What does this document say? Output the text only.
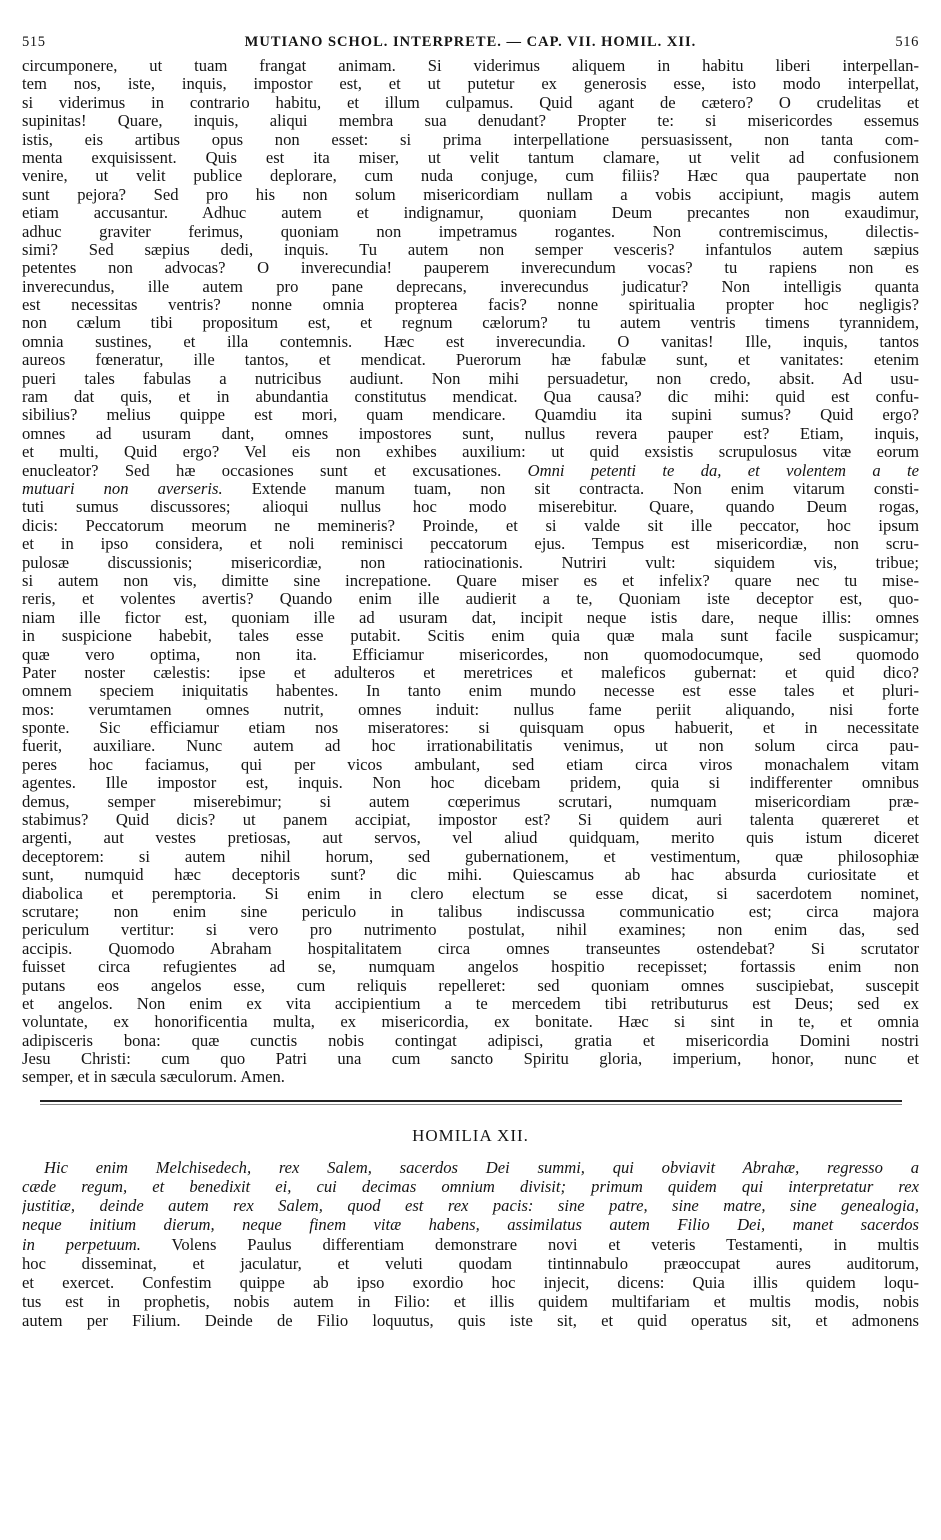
515	MUTIANO SCHOL. INTERPRETE. — CAP. VII. HOMIL. XII.	516
circumponere, ut tuam frangat animam. Si viderimus aliquem in habitu liberi interpellan-
tem nos, iste, inquis, impostor est, et ut putetur ex generosis esse, isto modo interpellat,
si viderimus in contrario habitu, et illum culpamus. Quid agant de cætero? O crudelitas et
supinitas! Quare, inquis, aliqui membra sua denudant? Propter te: si misericordes essemus
istis, eis artibus opus non esset: si prima interpellatione persuasissent, non tanta com-
menta exquisissent. Quis est ita miser, ut velit tantum clamare, ut velit ad confusionem
venire, ut velit publice deplorare, cum nuda conjuge, cum filiis? Hæc qua paupertate non
sunt pejora? Sed pro his non solum misericordiam nullam a vobis accipiunt, magis autem
etiam accusantur. Adhuc autem et indignamur, quoniam Deum precantes non exaudimur,
adhuc graviter ferimus, quoniam non impetramus rogantes. Non contremiscimus, dilectis-
simi? Sed sæpius dedi, inquis. Tu autem non semper vesceris? infantulos autem sæpius
petentes non advocas? O inverecundia! pauperem inverecundum vocas? tu rapiens non es
inverecundus, ille autem pro pane deprecans, inverecundus judicatur? Non intelligis quanta
est necessitas ventris? nonne omnia propterea facis? nonne spiritualia propter hoc negligis?
non cælum tibi propositum est, et regnum cælorum? tu autem ventris timens tyrannidem,
omnia sustines, et illa contemnis. Hæc est inverecundia. O vanitas! Ille, inquis, tantos
aureos fœneratur, ille tantos, et mendicat. Puerorum hæ fabulæ sunt, et vanitates: etenim
pueri tales fabulas a nutricibus audiunt. Non mihi persuadetur, non credo, absit. Ad usu-
ram dat quis, et in abundantia constitutus mendicat. Qua causa? dic mihi: quid est confu-
sibilius? melius quippe est mori, quam mendicare. Quamdiu ita supini sumus? Quid ergo?
omnes ad usuram dant, omnes impostores sunt, nullus revera pauper est? Etiam, inquis,
et multi, Quid ergo? Vel eis non exhibes auxilium: ut quid exsistis scrupulosus vitæ eorum
enucleator? Sed hæ occasiones sunt et excusationes. Omni petenti te da, et volentem a te
mutuari non averseris. Extende manum tuam, non sit contracta. Non enim vitarum consti-
tuti sumus discussores; alioqui nullus hoc modo miserebitur. Quare, quando Deum rogas,
dicis: Peccatorum meorum ne memineris? Proinde, et si valde sit ille peccator, hoc ipsum
et in ipso considera, et noli reminisci peccatorum ejus. Tempus est misericordiæ, non scru-
pulosæ discussionis; misericordiæ, non ratiocinationis. Nutriri vult: siquidem vis, tribue;
si autem non vis, dimitte sine increpatione. Quare miser es et infelix? quare nec tu mise-
reris, et volentes avertis? Quando enim ille audierit a te, Quoniam iste deceptor est, quo-
niam ille fictor est, quoniam ille ad usuram dat, incipit neque istis dare, neque illis: omnes
in suspicione habebit, tales esse putabit. Scitis enim quia quæ mala sunt facile suspicamur;
quæ vero optima, non ita. Efficiamur misericordes, non quomodocumque, sed quomodo
Pater noster cælestis: ipse et adulteros et meretrices et maleficos gubernat: et quid dico?
omnem speciem iniquitatis habentes. In tanto enim mundo necesse est esse tales et pluri-
mos: verumtamen omnes nutrit, omnes induit: nullus fame periit aliquando, nisi forte
sponte. Sic efficiamur etiam nos miseratores: si quisquam opus habuerit, et in necessitate
fuerit, auxiliare. Nunc autem ad hoc irrationabilitatis venimus, ut non solum circa pau-
peres hoc faciamus, qui per vicos ambulant, sed etiam circa viros monachalem vitam
agentes. Ille impostor est, inquis. Non hoc dicebam pridem, quia si indifferenter omnibus
demus, semper miserebimur; si autem cœperimus scrutari, numquam misericordiam præ-
stabimus? Quid dicis? ut panem accipiat, impostor est? Si quidem auri talenta quæreret et
argenti, aut vestes pretiosas, aut servos, vel aliud quidquam, merito quis istum diceret
deceptorem: si autem nihil horum, sed gubernationem, et vestimentum, quæ philosophiæ
sunt, numquid hæc deceptoris sunt? dic mihi. Quiescamus ab hac absurda curiositate et
diabolica et peremptoria. Si enim in clero electum se esse dicat, si sacerdotem nominet,
scrutare; non enim sine periculo in talibus indiscussa communicatio est; circa majora
periculum vertitur: si vero pro nutrimento postulat, nihil examines; non enim das, sed
accipis. Quomodo Abraham hospitalitatem circa omnes transeuntes ostendebat? Si scrutator
fuisset circa refugientes ad se, numquam angelos hospitio recepisset; fortassis enim non
putans eos angelos esse, cum reliquis repelleret: sed quoniam omnes suscipiebat, suscepit
et angelos. Non enim ex vita accipientium a te mercedem tibi retributurus est Deus; sed ex
voluntate, ex honorificentia multa, ex misericordia, ex bonitate. Hæc si sint in te, et omnia
adipisceris bona: quæ cunctis nobis contingat adipisci, gratia et misericordia Domini nostri
Jesu Christi: cum quo Patri una cum sancto Spiritu gloria, imperium, honor, nunc et
semper, et in sæcula sæculorum. Amen.
HOMILIA XII.
Hic enim Melchisedech, rex Salem, sacerdos Dei summi, qui obviavit Abrahæ, regresso a
cæde regum, et benedixit ei, cui decimas omnium divisit; primum quidem qui interpretatur rex
justitiæ, deinde autem rex Salem, quod est rex pacis: sine patre, sine matre, sine genealogia,
neque initium dierum, neque finem vitæ habens, assimilatus autem Filio Dei, manet sacerdos
in perpetuum. Volens Paulus differentiam demonstrare novi et veteris Testamenti, in multis
hoc disseminat, et jaculatur, et veluti quodam tintinnabulo præoccupat aures auditorum,
et exercet. Confestim quippe ab ipso exordio hoc injecit, dicens: Quia illis quidem loqu-
tus est in prophetis, nobis autem in Filio: et illis quidem multifariam et multis modis, nobis
autem per Filium. Deinde de Filio loquutus, quis iste sit, et quid operatus sit, et admonens
